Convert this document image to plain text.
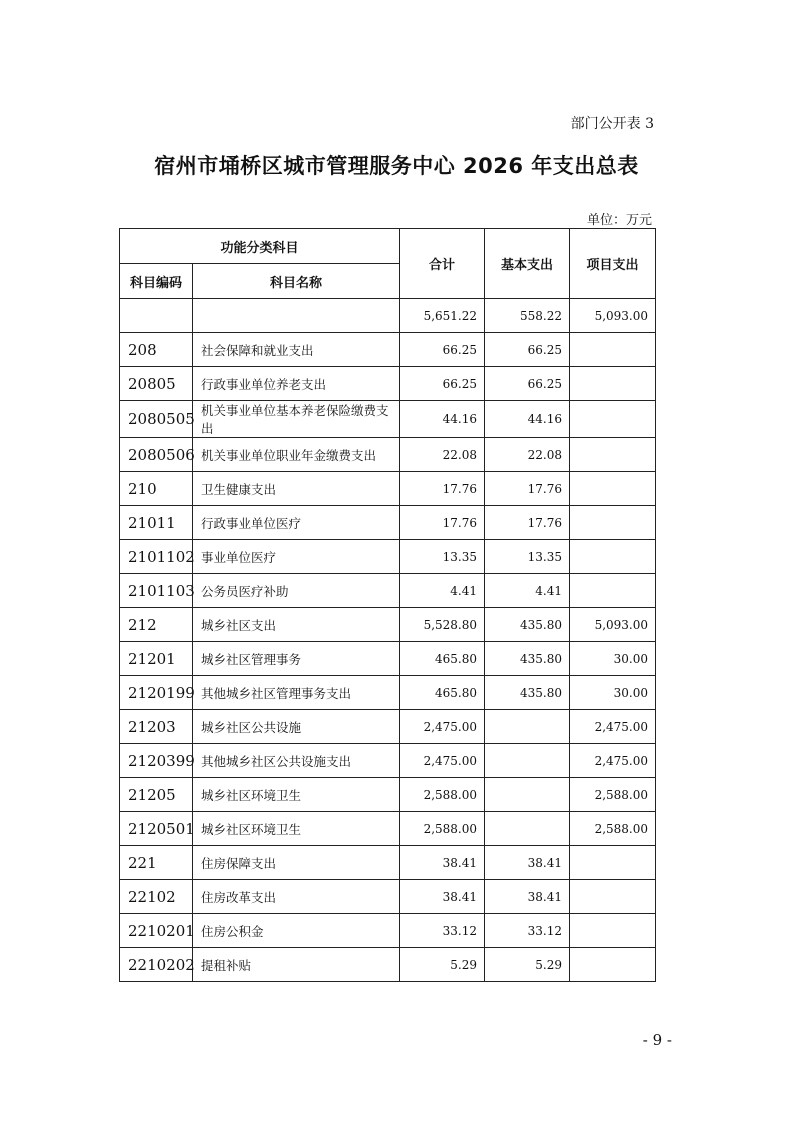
部门公开表 3
宿州市埇桥区城市管理服务中心 2026 年支出总表
单位：万元
功能分类科目		合计	基本支出	项目支出
科目编码	科目名称			
		5,651.22	558.22	5,093.00
208	社会保障和就业支出	66.25	66.25	
20805	行政事业单位养老支出	66.25	66.25	
2080505	机关事业单位基本养老保险缴费支出	44.16	44.16	
2080506	机关事业单位职业年金缴费支出	22.08	22.08	
210	卫生健康支出	17.76	17.76	
21011	行政事业单位医疗	17.76	17.76	
2101102	事业单位医疗	13.35	13.35	
2101103	公务员医疗补助	4.41	4.41	
212	城乡社区支出	5,528.80	435.80	5,093.00
21201	城乡社区管理事务	465.80	435.80	30.00
2120199	其他城乡社区管理事务支出	465.80	435.80	30.00
21203	城乡社区公共设施	2,475.00		2,475.00
2120399	其他城乡社区公共设施支出	2,475.00		2,475.00
21205	城乡社区环境卫生	2,588.00		2,588.00
2120501	城乡社区环境卫生	2,588.00		2,588.00
221	住房保障支出	38.41	38.41	
22102	住房改革支出	38.41	38.41	
2210201	住房公积金	33.12	33.12	
2210202	提租补贴	5.29	5.29	
- 9 -
